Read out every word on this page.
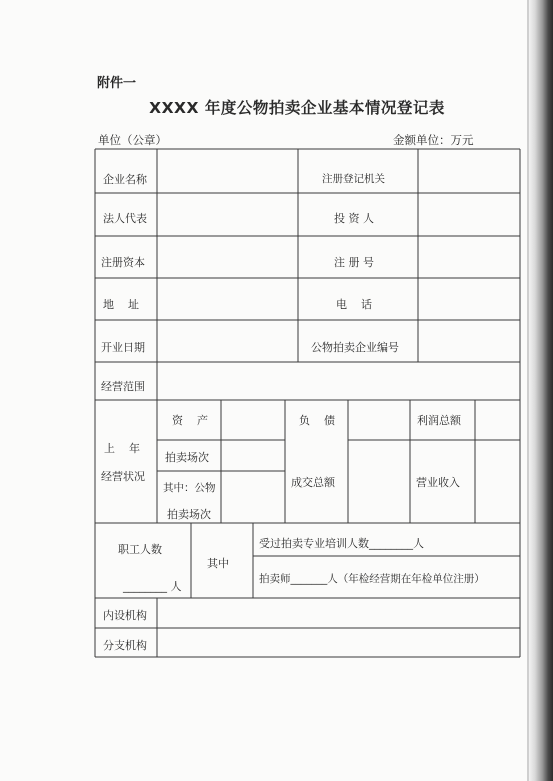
附件一
XXXX 年度公物拍卖企业基本情况登记表
单位（公章）	金额单位：万元
企业名称	注册登记机关
法人代表	投 资 人
注册资本	注 册 号
地    址	电    话
开业日期	公物拍卖企业编号
经营范围
上    年
经营状况
资    产	负    债	利润总额
拍卖场次
其中：公物
拍卖场次
成交总额	营业收入
职工人数
________ 人
其中
受过拍卖专业培训人数________人
拍卖师_______人（年检经营期在年检单位注册）
内设机构
分支机构
